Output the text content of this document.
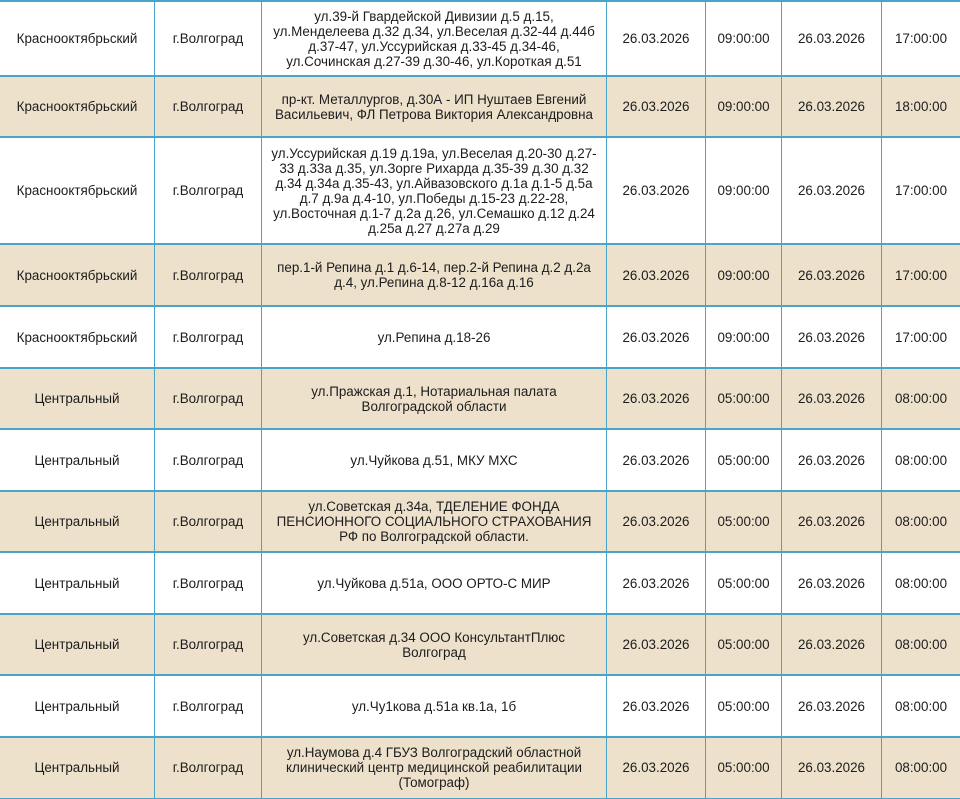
Краснооктябрьский	г.Волгоград	ул.39-й Гвардейской Дивизии д.5 д.15, ул.Менделеева д.32 д.34, ул.Веселая д.32-44 д.44б д.37-47, ул.Уссурийская д.33-45 д.34-46, ул.Сочинская д.27-39 д.30-46, ул.Короткая д.51	26.03.2026	09:00:00	26.03.2026	17:00:00
Краснооктябрьский	г.Волгоград	пр-кт. Металлургов, д.30А - ИП Нуштаев Евгений Васильевич, ФЛ Петрова Виктория Александровна	26.03.2026	09:00:00	26.03.2026	18:00:00
Краснооктябрьский	г.Волгоград	ул.Уссурийская д.19 д.19а, ул.Веселая д.20-30 д.27-33 д.33а д.35, ул.Зорге Рихарда д.35-39 д.30 д.32 д.34 д.34а д.35-43, ул.Айвазовского д.1а д.1-5 д.5а д.7 д.9а д.4-10, ул.Победы д.15-23 д.22-28, ул.Восточная д.1-7 д.2а д.26, ул.Семашко д.12 д.24 д.25а д.27 д.27а д.29	26.03.2026	09:00:00	26.03.2026	17:00:00
Краснооктябрьский	г.Волгоград	пер.1-й Репина д.1 д.6-14, пер.2-й Репина д.2 д.2а д.4, ул.Репина д.8-12 д.16а д.16	26.03.2026	09:00:00	26.03.2026	17:00:00
Краснооктябрьский	г.Волгоград	ул.Репина д.18-26	26.03.2026	09:00:00	26.03.2026	17:00:00
Центральный	г.Волгоград	ул.Пражская д.1, Нотариальная палата Волгоградской области	26.03.2026	05:00:00	26.03.2026	08:00:00
Центральный	г.Волгоград	ул.Чуйкова д.51, МКУ МХС	26.03.2026	05:00:00	26.03.2026	08:00:00
Центральный	г.Волгоград	ул.Советская д.34а, ТДЕЛЕНИЕ ФОНДА ПЕНСИОННОГО СОЦИАЛЬНОГО СТРАХОВАНИЯ РФ по Волгоградской области.	26.03.2026	05:00:00	26.03.2026	08:00:00
Центральный	г.Волгоград	ул.Чуйкова д.51а, ООО ОРТО-С МИР	26.03.2026	05:00:00	26.03.2026	08:00:00
Центральный	г.Волгоград	ул.Советская д.34 ООО КонсультантПлюс Волгоград	26.03.2026	05:00:00	26.03.2026	08:00:00
Центральный	г.Волгоград	ул.Чу1кова д.51а кв.1а, 1б	26.03.2026	05:00:00	26.03.2026	08:00:00
Центральный	г.Волгоград	ул.Наумова д.4 ГБУЗ Волгоградский областной клинический центр медицинской реабилитации (Томограф)	26.03.2026	05:00:00	26.03.2026	08:00:00
